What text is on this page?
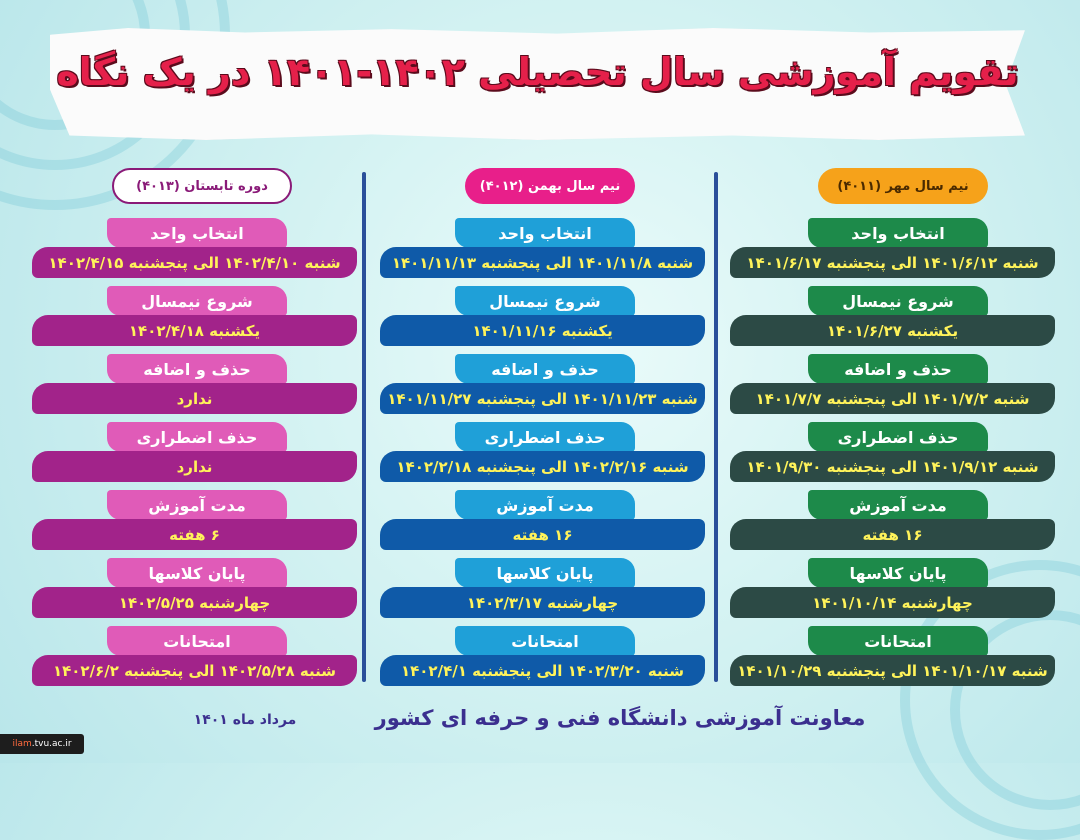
تقویم آموزشی سال تحصیلی ۱۴۰۲-۱۴۰۱ در یک نگاه
نیم سال مهر (۴۰۱۱)
انتخاب واحد
شنبه ۱۴۰۱/۶/۱۲ الی پنجشنبه ۱۴۰۱/۶/۱۷
شروع نیمسال
یکشنبه ۱۴۰۱/۶/۲۷
حذف و اضافه
شنبه ۱۴۰۱/۷/۲ الی پنجشنبه ۱۴۰۱/۷/۷
حذف اضطراری
شنبه ۱۴۰۱/۹/۱۲ الی پنجشنبه ۱۴۰۱/۹/۳۰
مدت آموزش
۱۶ هفته
پایان کلاسها
چهارشنبه ۱۴۰۱/۱۰/۱۴
امتحانات
شنبه ۱۴۰۱/۱۰/۱۷ الی پنجشنبه ۱۴۰۱/۱۰/۲۹
نیم سال بهمن (۴۰۱۲)
انتخاب واحد
شنبه ۱۴۰۱/۱۱/۸ الی پنجشنبه ۱۴۰۱/۱۱/۱۳
شروع نیمسال
یکشنبه ۱۴۰۱/۱۱/۱۶
حذف و اضافه
شنبه ۱۴۰۱/۱۱/۲۳ الی پنجشنبه ۱۴۰۱/۱۱/۲۷
حذف اضطراری
شنبه ۱۴۰۲/۲/۱۶ الی پنجشنبه ۱۴۰۲/۲/۱۸
مدت آموزش
۱۶ هفته
پایان کلاسها
چهارشنبه ۱۴۰۲/۳/۱۷
امتحانات
شنبه ۱۴۰۲/۳/۲۰ الی پنجشنبه ۱۴۰۲/۴/۱
دوره تابستان (۴۰۱۳)
انتخاب واحد
شنبه ۱۴۰۲/۴/۱۰ الی پنجشنبه ۱۴۰۲/۴/۱۵
شروع نیمسال
یکشنبه ۱۴۰۲/۴/۱۸
حذف و اضافه
ندارد
حذف اضطراری
ندارد
مدت آموزش
۶ هفته
پایان کلاسها
چهارشنبه ۱۴۰۲/۵/۲۵
امتحانات
شنبه ۱۴۰۲/۵/۲۸ الی پنجشنبه ۱۴۰۲/۶/۲
معاونت آموزشی دانشگاه فنی و حرفه ای کشور
مرداد ماه ۱۴۰۱
ilam .tvu.ac.ir
